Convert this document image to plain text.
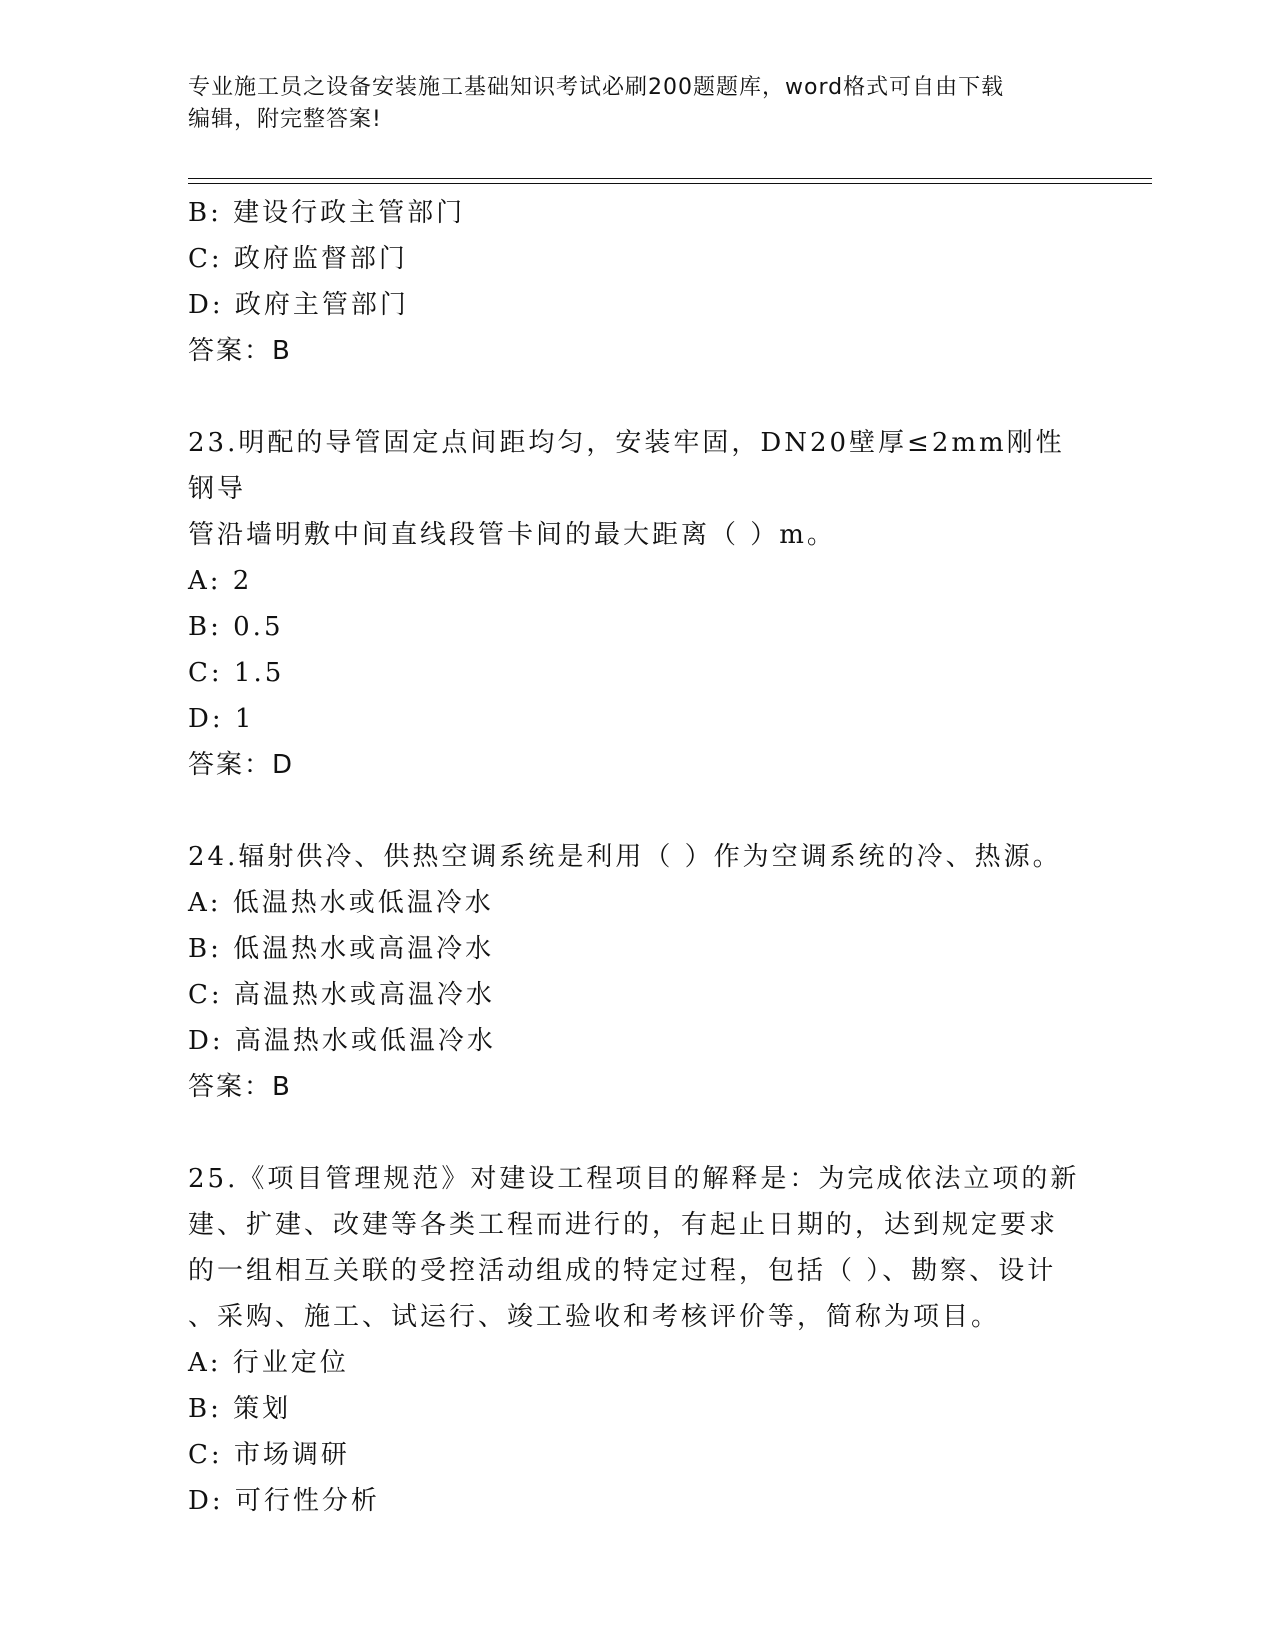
专业施工员之设备安装施工基础知识考试必刷200题题库，word格式可自由下载
编辑，附完整答案!
B: 建设行政主管部门
C: 政府监督部门
D: 政府主管部门
答案：B
23.明配的导管固定点间距均匀，安装牢固，DN20壁厚≤2mm刚性钢导
管沿墙明敷中间直线段管卡间的最大距离（ ）m。
A: 2
B: 0.5
C: 1.5
D: 1
答案：D
24.辐射供冷、供热空调系统是利用（ ）作为空调系统的冷、热源。
A: 低温热水或低温冷水
B: 低温热水或高温冷水
C: 高温热水或高温冷水
D: 高温热水或低温冷水
答案：B
25.《项目管理规范》对建设工程项目的解释是：为完成依法立项的新
建、扩建、改建等各类工程而进行的，有起止日期的，达到规定要求
的一组相互关联的受控活动组成的特定过程，包括（ ）、勘察、设计
、采购、施工、试运行、竣工验收和考核评价等，简称为项目。
A: 行业定位
B: 策划
C: 市场调研
D: 可行性分析
